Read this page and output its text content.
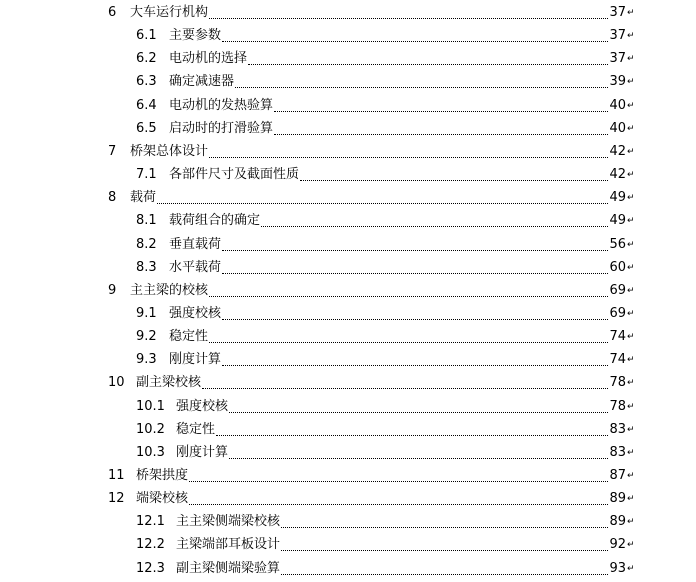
6	大车运行机构	37 ↵
6.1 主要参数	37 ↵
6.2 电动机的选择	37 ↵
6.3 确定减速器	39 ↵
6.4 电动机的发热验算	40 ↵
6.5 启动时的打滑验算	40 ↵
7	桥架总体设计	42 ↵
7.1 各部件尺寸及截面性质	42 ↵
8	载荷	49 ↵
8.1 载荷组合的确定	49 ↵
8.2 垂直载荷	56 ↵
8.3 水平载荷	60 ↵
9	主主梁的校核	69 ↵
9.1 强度校核	69 ↵
9.2 稳定性	74 ↵
9.3 刚度计算	74 ↵
10 副主梁校核	78 ↵
10.1 强度校核	78 ↵
10.2 稳定性	83 ↵
10.3 刚度计算	83 ↵
11 桥架拱度	87 ↵
12 端梁校核	89 ↵
12.1 主主梁侧端梁校核	89 ↵
12.2 主梁端部耳板设计	92 ↵
12.3 副主梁侧端梁验算	93 ↵
